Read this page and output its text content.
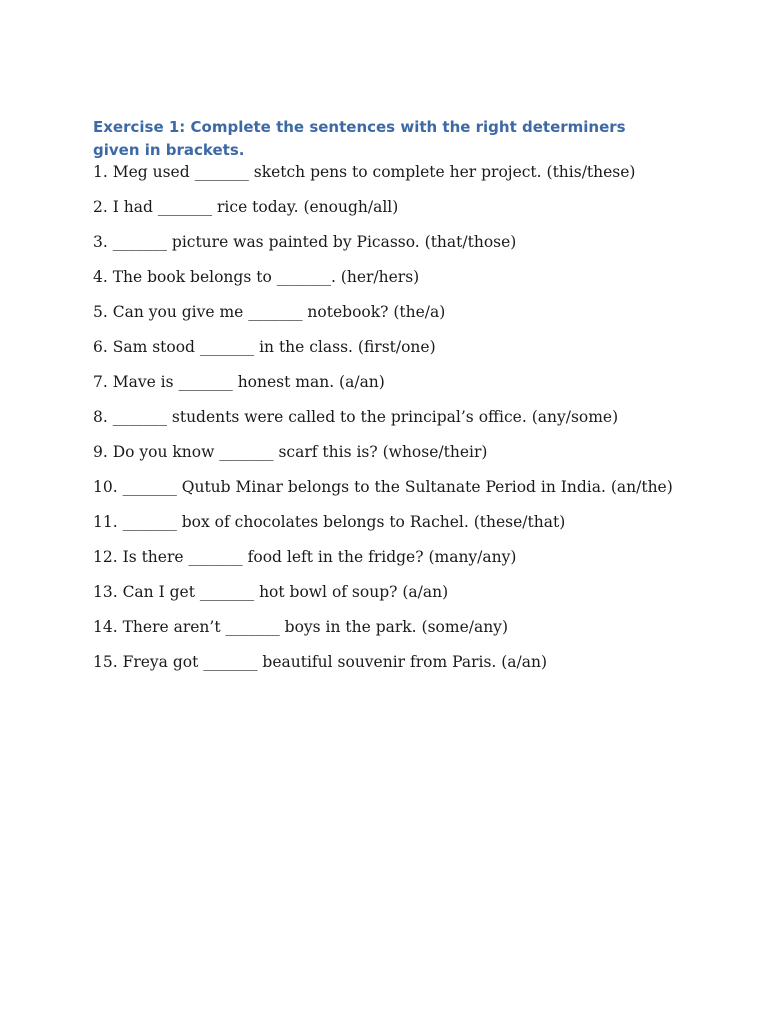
Exercise 1: Complete the sentences with the right determiners given in brackets.

1. Meg used _______ sketch pens to complete her project. (this/these)
2. I had _______ rice today. (enough/all)
3. _______ picture was painted by Picasso. (that/those)
4. The book belongs to _______. (her/hers)
5. Can you give me _______ notebook? (the/a)
6. Sam stood _______ in the class. (first/one)
7. Mave is _______ honest man. (a/an)
8. _______ students were called to the principal’s office. (any/some)
9. Do you know _______ scarf this is? (whose/their)
10. _______ Qutub Minar belongs to the Sultanate Period in India. (an/the)
11. _______ box of chocolates belongs to Rachel. (these/that)
12. Is there _______ food left in the fridge? (many/any)
13. Can I get _______ hot bowl of soup? (a/an)
14. There aren’t _______ boys in the park. (some/any)
15. Freya got _______ beautiful souvenir from Paris. (a/an)
